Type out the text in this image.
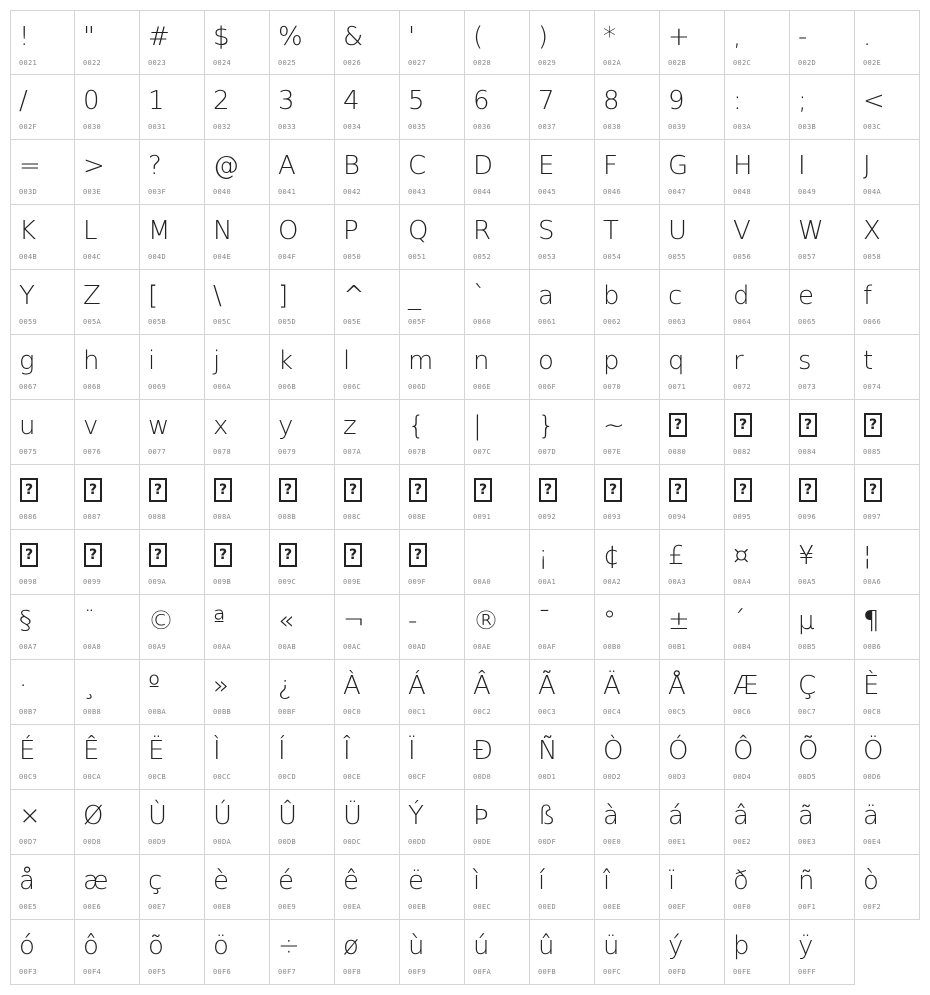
!
0021
"
0022
#
0023
$
0024
%
0025
&
0026
'
0027
(
0028
)
0029
*
002A
+
002B
,
002C
-
002D
.
002E
/
002F
0
0030
1
0031
2
0032
3
0033
4
0034
5
0035
6
0036
7
0037
8
0038
9
0039
:
003A
;
003B
<
003C
=
003D
>
003E
?
003F
@
0040
A
0041
B
0042
C
0043
D
0044
E
0045
F
0046
G
0047
H
0048
I
0049
J
004A
K
004B
L
004C
M
004D
N
004E
O
004F
P
0050
Q
0051
R
0052
S
0053
T
0054
U
0055
V
0056
W
0057
X
0058
Y
0059
Z
005A
[
005B
\
005C
]
005D
^
005E
_
005F
`
0060
a
0061
b
0062
c
0063
d
0064
e
0065
f
0066
g
0067
h
0068
i
0069
j
006A
k
006B
l
006C
m
006D
n
006E
o
006F
p
0070
q
0071
r
0072
s
0073
t
0074
u
0075
v
0076
w
0077
x
0078
y
0079
z
007A
{
007B
|
007C
}
007D
~
007E
?
0080
?
0082
?
0084
?
0085
?
0086
?
0087
?
0088
?
008A
?
008B
?
008C
?
008E
?
0091
?
0092
?
0093
?
0094
?
0095
?
0096
?
0097
?
0098
?
0099
?
009A
?
009B
?
009C
?
009E
?
009F
	00A0
¡
00A1
¢
00A2
£
00A3
¤
00A4
¥
00A5
¦
00A6
§
00A7
¨
00A8
©
00A9
ª
00AA
«
00AB
¬
00AC
-
00AD
®
00AE
¯
00AF
°
00B0
±
00B1
´
00B4
µ
00B5
¶
00B6
·
00B7
¸
00B8
º
00BA
»
00BB
¿
00BF
À
00C0
Á
00C1
Â
00C2
Ã
00C3
Ä
00C4
Å
00C5
Æ
00C6
Ç
00C7
È
00C8
É
00C9
Ê
00CA
Ë
00CB
Ì
00CC
Í
00CD
Î
00CE
Ï
00CF
Ð
00D0
Ñ
00D1
Ò
00D2
Ó
00D3
Ô
00D4
Õ
00D5
Ö
00D6
×
00D7
Ø
00D8
Ù
00D9
Ú
00DA
Û
00DB
Ü
00DC
Ý
00DD
Þ
00DE
ß
00DF
à
00E0
á
00E1
â
00E2
ã
00E3
ä
00E4
å
00E5
æ
00E6
ç
00E7
è
00E8
é
00E9
ê
00EA
ë
00EB
ì
00EC
í
00ED
î
00EE
ï
00EF
ð
00F0
ñ
00F1
ò
00F2
ó
00F3
ô
00F4
õ
00F5
ö
00F6
÷
00F7
ø
00F8
ù
00F9
ú
00FA
û
00FB
ü
00FC
ý
00FD
þ
00FE
ÿ
00FF
